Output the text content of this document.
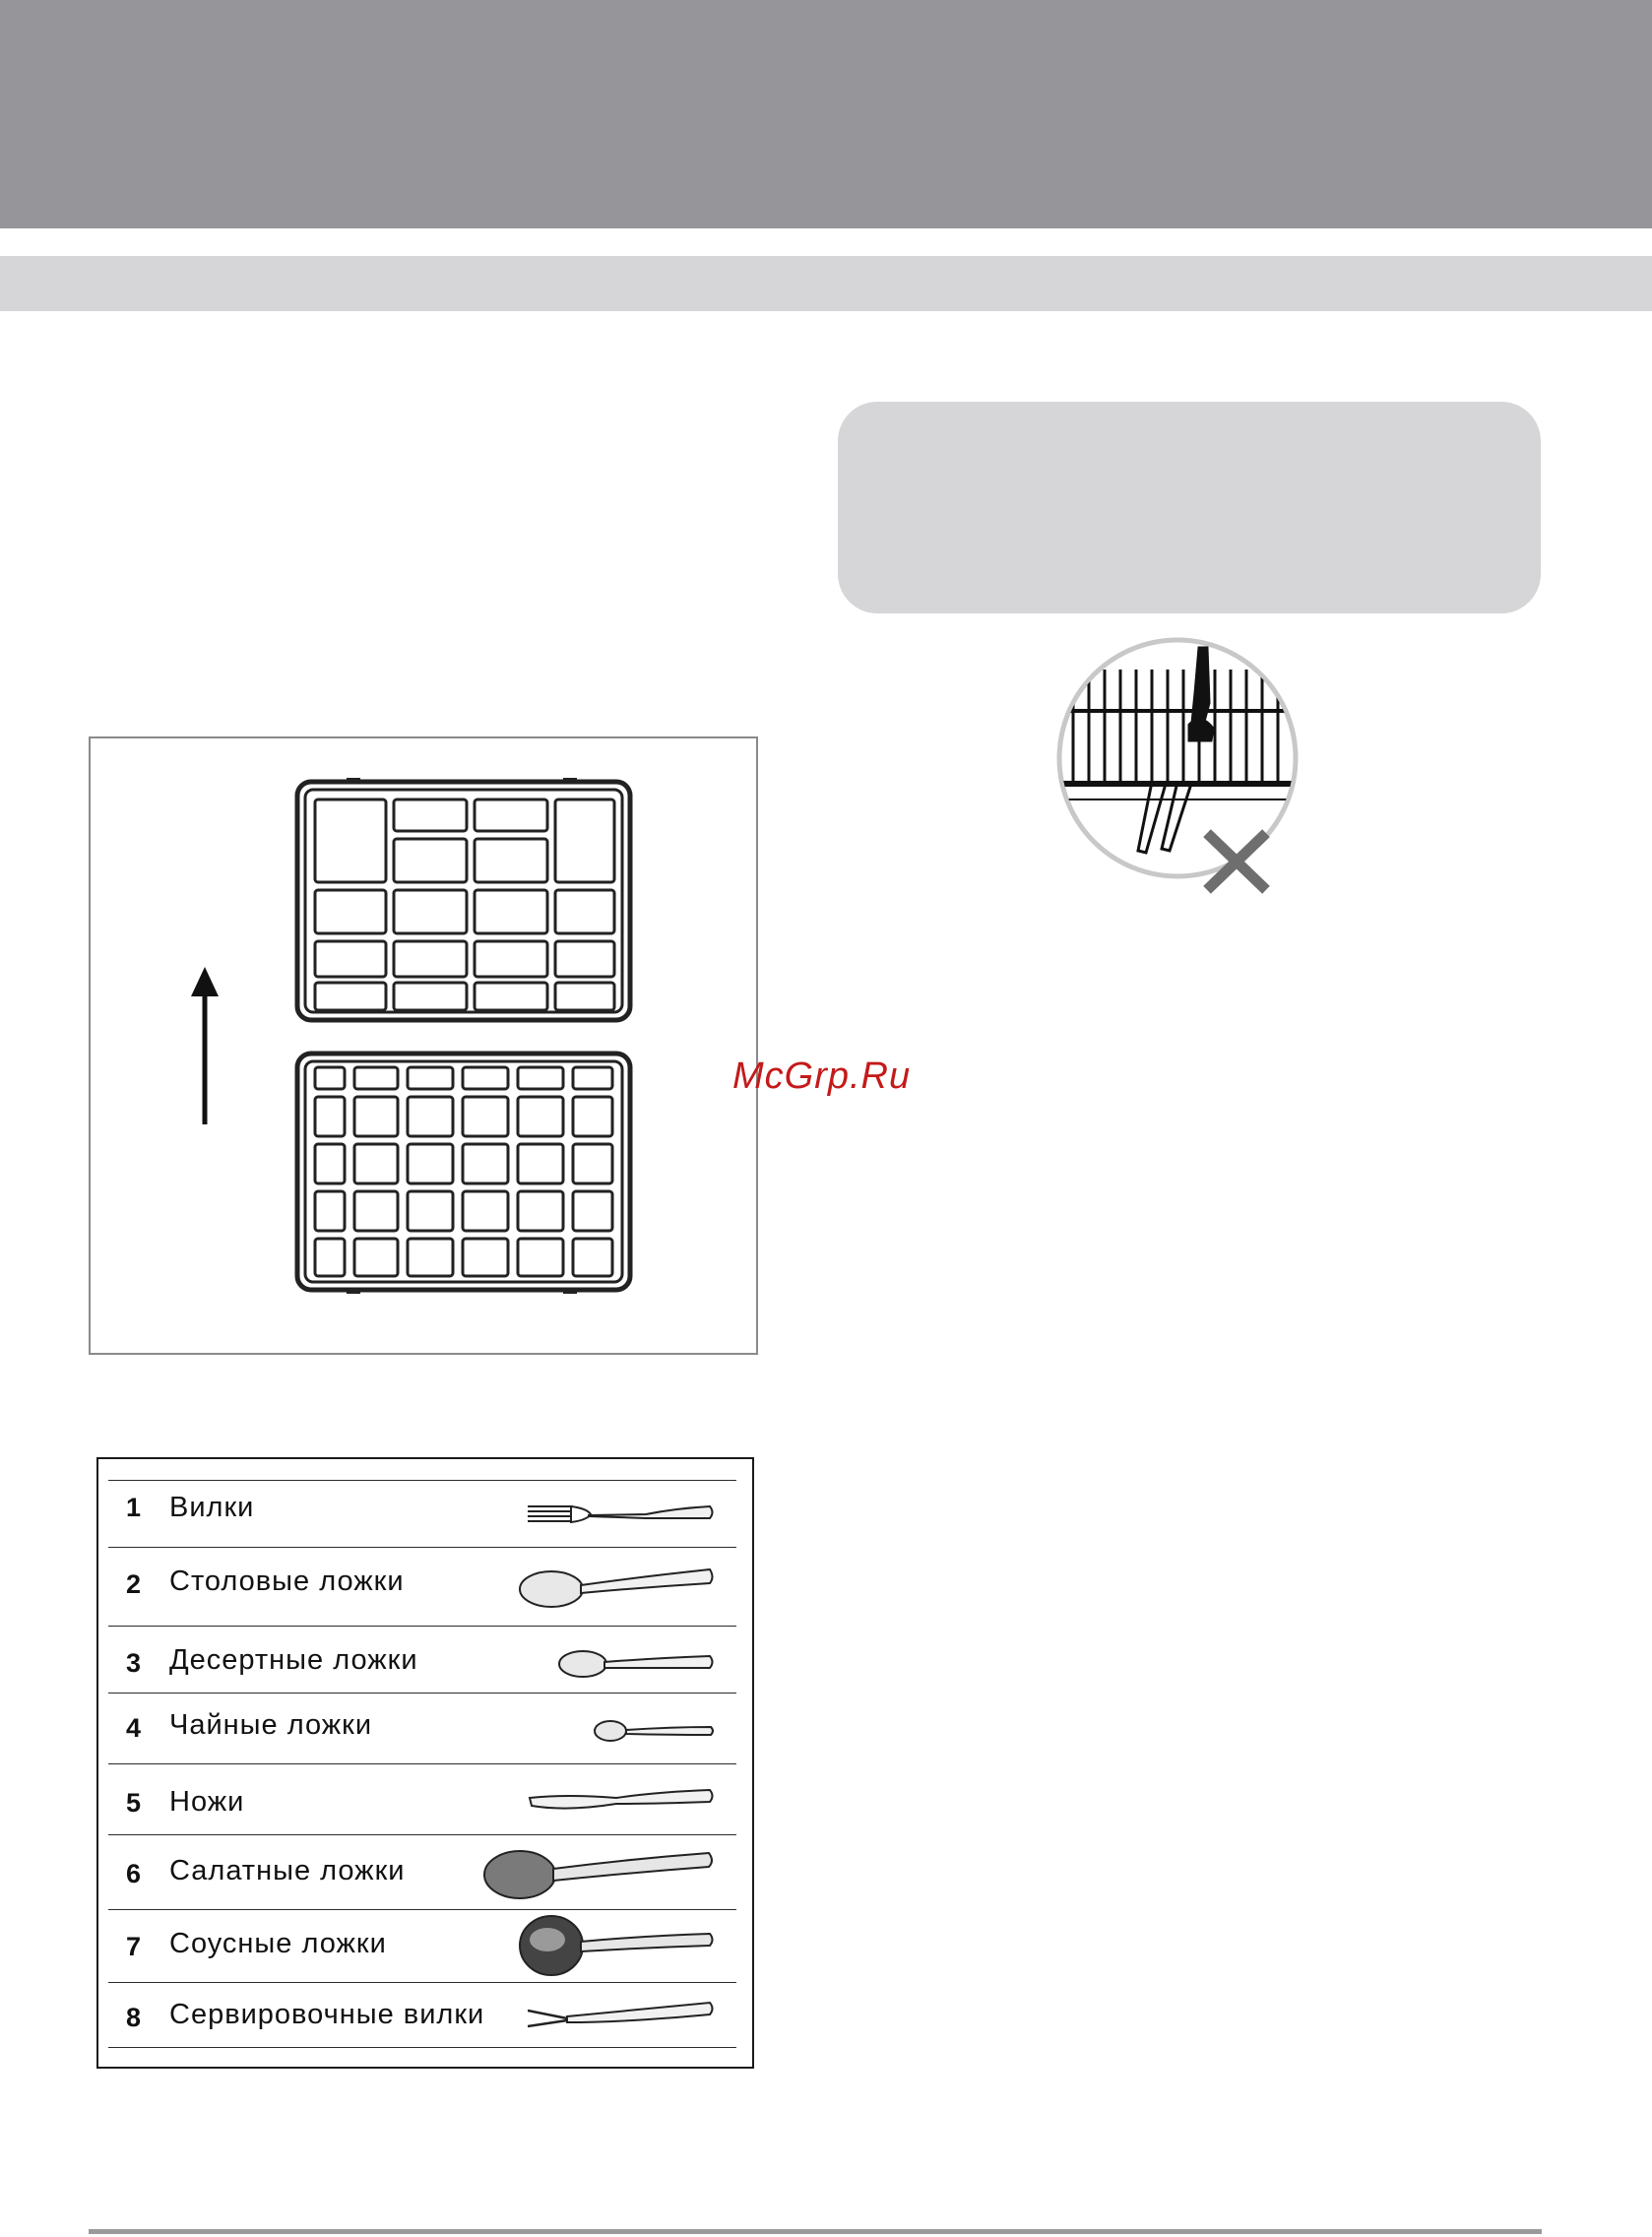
McGrp.Ru
1 Вилки
2 Столовые ложки
3 Десертные ложки
4 Чайные ложки
5 Ножи
6 Салатные ложки
7 Соусные ложки
8 Сервировочные вилки
